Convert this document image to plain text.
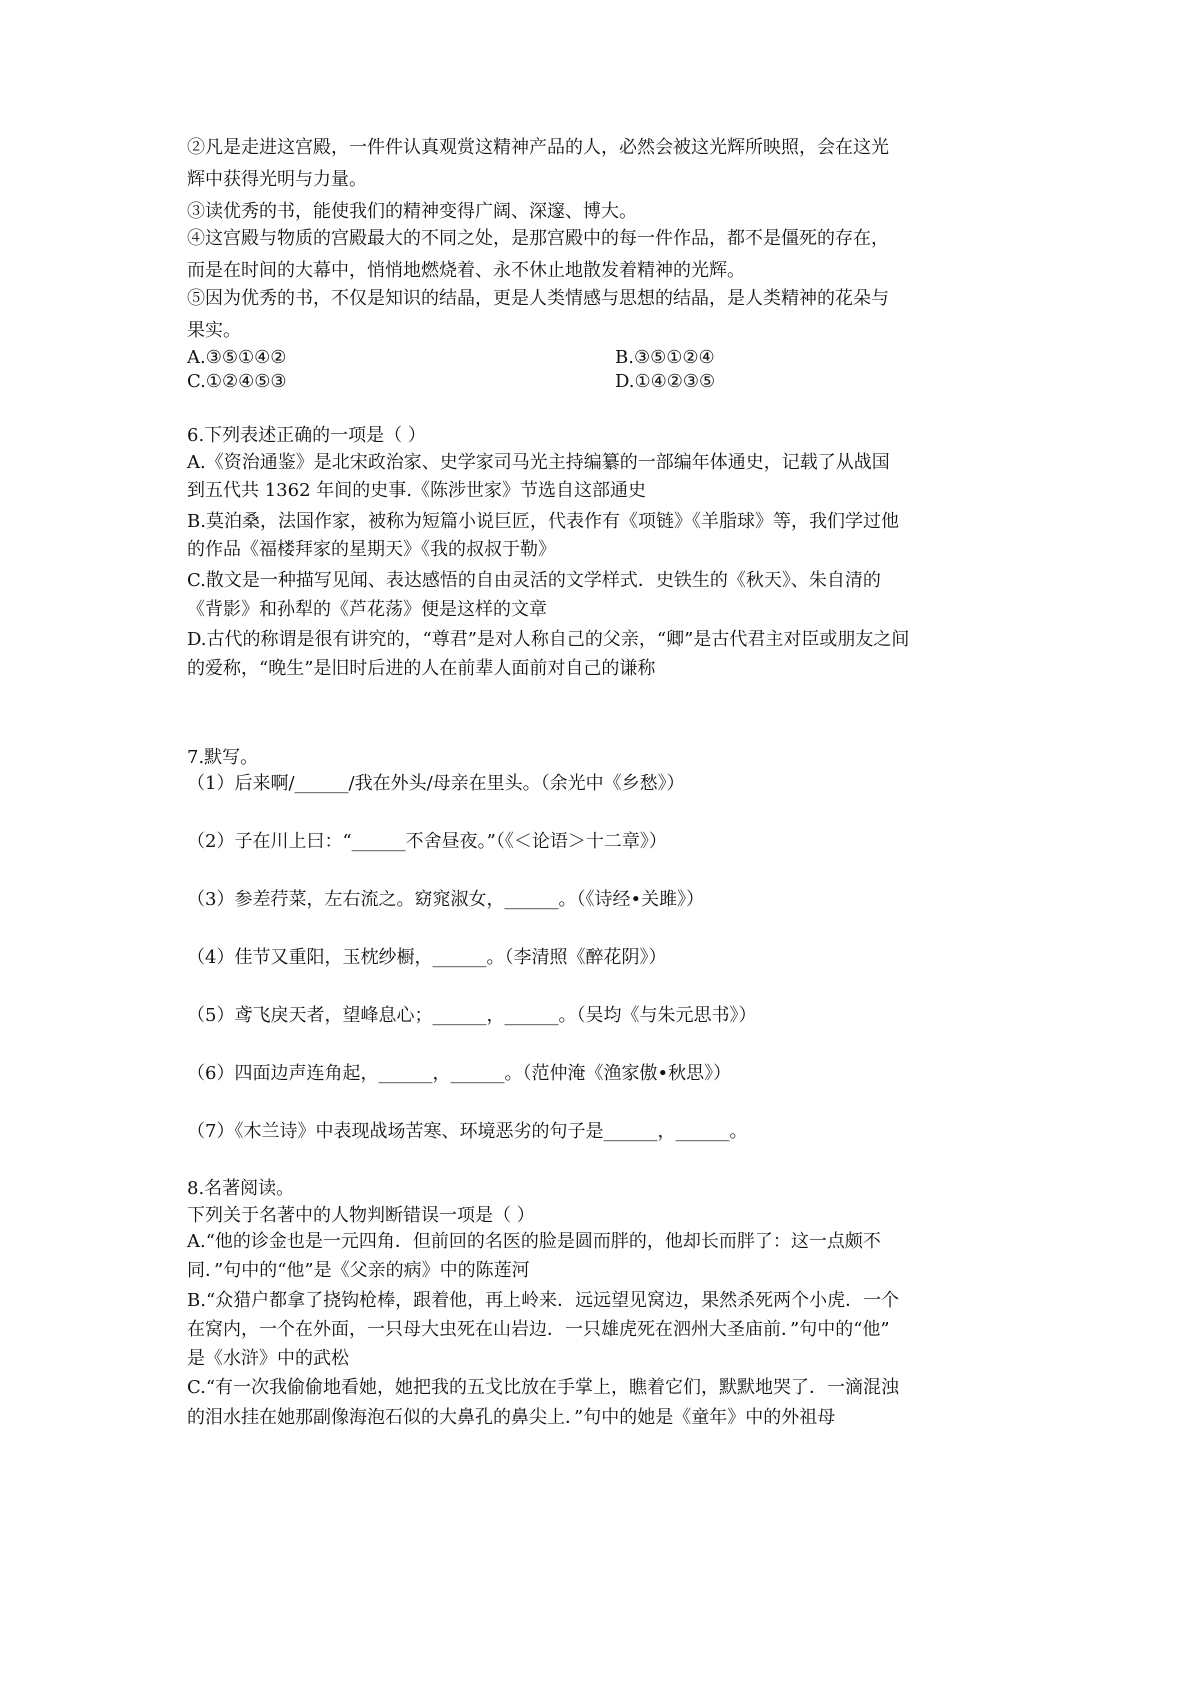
②凡是走进这宫殿，一件件认真观赏这精神产品的人，必然会被这光辉所映照，会在这光

辉中获得光明与力量。

③读优秀的书，能使我们的精神变得广阔、深邃、博大。

④这宫殿与物质的宫殿最大的不同之处，是那宫殿中的每一件作品，都不是僵死的存在，

而是在时间的大幕中，悄悄地燃烧着、永不休止地散发着精神的光辉。

⑤因为优秀的书，不仅是知识的结晶，更是人类情感与思想的结晶，是人类精神的花朵与

果实。

A.③⑤①④②	B.③⑤①②④

C.①②④⑤③	D.①④②③⑤

6.下列表述正确的一项是（ ）

A.《资治通鉴》是北宋政治家、史学家司马光主持编纂的一部编年体通史，记载了从战国

到五代共 1362 年间的史事.《陈涉世家》节选自这部通史

B.莫泊桑，法国作家，被称为短篇小说巨匠，代表作有《项链》《羊脂球》等，我们学过他

的作品《福楼拜家的星期天》《我的叔叔于勒》

C.散文是一种描写见闻、表达感悟的自由灵活的文学样式．史铁生的《秋天》、朱自清的

《背影》和孙犁的《芦花荡》便是这样的文章

D.古代的称谓是很有讲究的，“尊君”是对人称自己的父亲，“卿”是古代君主对臣或朋友之间

的爱称，“晚生”是旧时后进的人在前辈人面前对自己的谦称

7.默写。

（1）后来啊/______/我在外头/母亲在里头。（余光中《乡愁》）

（2）子在川上曰：“______不舍昼夜。”（《＜论语＞十二章》）

（3）参差荇菜，左右流之。窈窕淑女，______。（《诗经•关雎》）

（4）佳节又重阳，玉枕纱橱，______。（李清照《醉花阴》）

（5）鸢飞戾天者，望峰息心；______，______。（吴均《与朱元思书》）

（6）四面边声连角起，______，______。（范仲淹《渔家傲•秋思》）

（7）《木兰诗》中表现战场苦寒、环境恶劣的句子是______，______。

8.名著阅读。

下列关于名著中的人物判断错误一项是（ ）

A.“他的诊金也是一元四角．但前回的名医的脸是圆而胖的，他却长而胖了：这一点颇不

同．”句中的“他”是《父亲的病》中的陈莲河

B.“众猎户都拿了挠钩枪棒，跟着他，再上岭来．远远望见窝边，果然杀死两个小虎．一个

在窝内，一个在外面，一只母大虫死在山岩边．一只雄虎死在泗州大圣庙前．”句中的“他”

是《水浒》中的武松

C.“有一次我偷偷地看她，她把我的五戈比放在手掌上，瞧着它们，默默地哭了．一滴混浊

的泪水挂在她那副像海泡石似的大鼻孔的鼻尖上．”句中的她是《童年》中的外祖母
